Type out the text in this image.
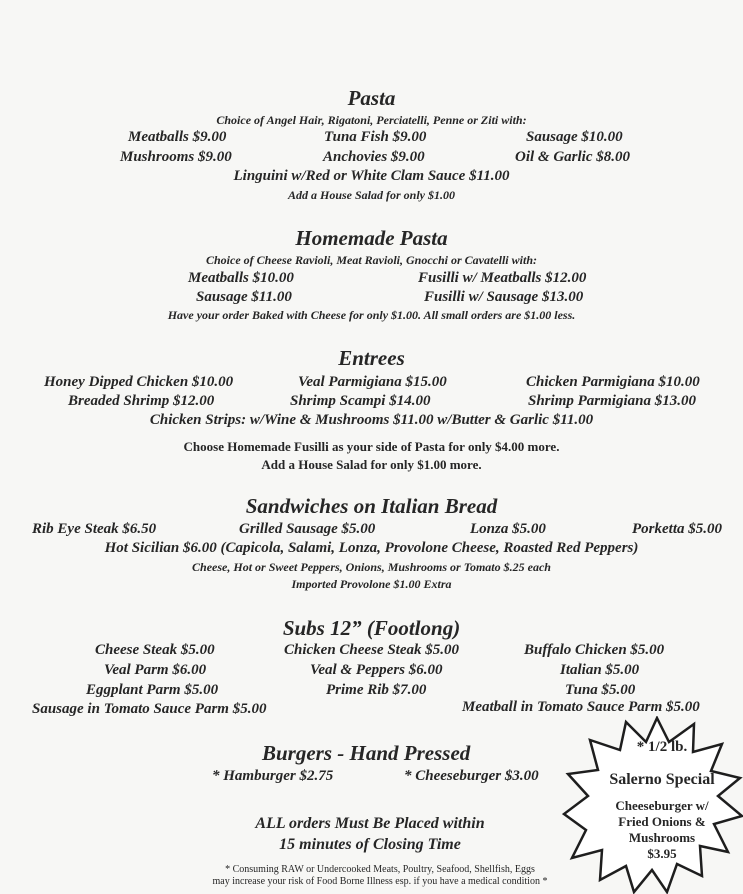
Pasta
Choice of Angel Hair, Rigatoni, Perciatelli, Penne or Ziti with:
Meatballs $9.00	Tuna Fish $9.00	Sausage $10.00
Mushrooms $9.00	Anchovies $9.00	Oil & Garlic $8.00
Linguini w/Red or White Clam Sauce $11.00
Add a House Salad for only $1.00
Homemade Pasta
Choice of Cheese Ravioli, Meat Ravioli, Gnocchi or Cavatelli with:
Meatballs $10.00	Fusilli w/ Meatballs $12.00
Sausage $11.00	Fusilli w/ Sausage $13.00
Have your order Baked with Cheese for only $1.00. All small orders are $1.00 less.
Entrees
Honey Dipped Chicken $10.00	Veal Parmigiana $15.00	Chicken Parmigiana $10.00
Breaded Shrimp $12.00	Shrimp Scampi $14.00	Shrimp Parmigiana $13.00
Chicken Strips: w/Wine & Mushrooms $11.00 w/Butter & Garlic $11.00
Choose Homemade Fusilli as your side of Pasta for only $4.00 more.
Add a House Salad for only $1.00 more.
Sandwiches on Italian Bread
Rib Eye Steak $6.50	Grilled Sausage $5.00	Lonza $5.00	Porketta $5.00
Hot Sicilian $6.00 (Capicola, Salami, Lonza, Provolone Cheese, Roasted Red Peppers)
Cheese, Hot or Sweet Peppers, Onions, Mushrooms or Tomato $.25 each
Imported Provolone $1.00 Extra
Subs 12” (Footlong)
Cheese Steak $5.00	Chicken Cheese Steak $5.00	Buffalo Chicken $5.00
Veal Parm $6.00	Veal & Peppers $6.00	Italian $5.00
Eggplant Parm $5.00	Prime Rib $7.00	Tuna $5.00
Sausage in Tomato Sauce Parm $5.00	Meatball in Tomato Sauce Parm $5.00
Burgers - Hand Pressed
* Hamburger $2.75	* Cheeseburger $3.00
ALL orders Must Be Placed within
15 minutes of Closing Time
* Consuming RAW or Undercooked Meats, Poultry, Seafood, Shellfish, Eggs
may increase your risk of Food Borne Illness esp. if you have a medical condition *
* 1/2 lb.
Salerno Special
Cheeseburger w/
Fried Onions &
Mushrooms
$3.95
